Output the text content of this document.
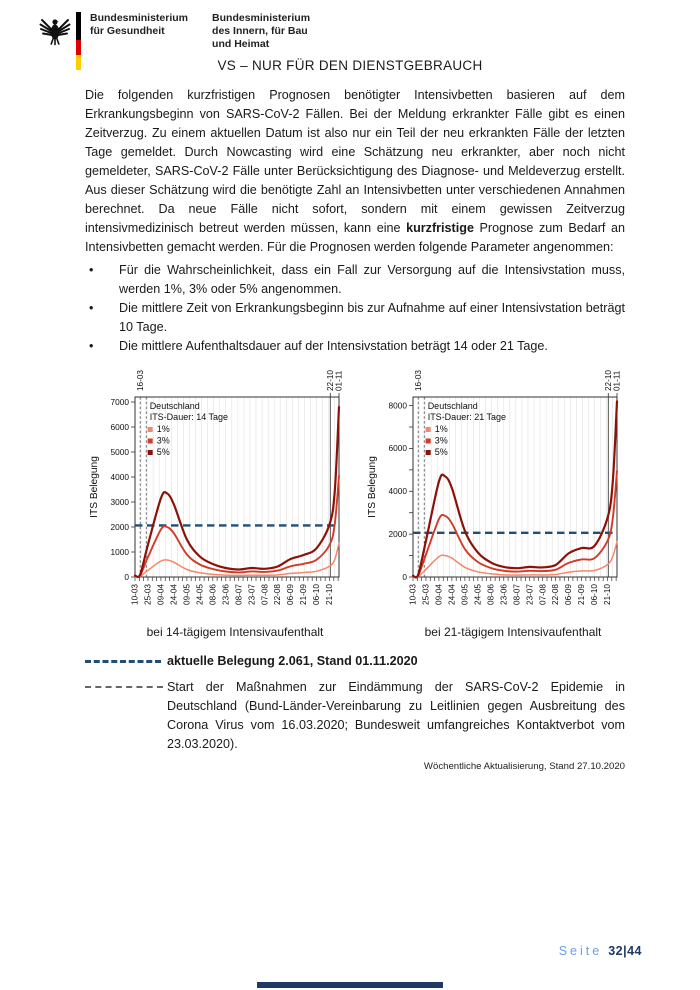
Bundesministerium
für Gesundheit
Bundesministerium
des Innern, für Bau
und Heimat
VS – NUR FÜR DEN DIENSTGEBRAUCH

Die folgenden kurzfristigen Prognosen benötigter Intensivbetten basieren auf dem Erkrankungsbeginn von SARS-CoV-2 Fällen. Bei der Meldung erkrankter Fälle gibt es einen Zeitverzug. Zu einem aktuellen Datum ist also nur ein Teil der neu erkrankten Fälle der letzten Tage gemeldet. Durch Nowcasting wird eine Schätzung neu erkrankter, aber noch nicht gemeldeter, SARS-CoV-2 Fälle unter Berücksichtigung des Diagnose- und Meldeverzug erstellt. Aus dieser Schätzung wird die benötigte Zahl an Intensivbetten unter verschiedenen Annahmen berechnet. Da neue Fälle nicht sofort, sondern mit einem gewissen Zeitverzug intensivmedizinisch betreut werden müssen, kann eine kurzfristige Prognose zum Bedarf an Intensivbetten gemacht werden. Für die Prognosen werden folgende Parameter angenommen:

•	Für die Wahrscheinlichkeit, dass ein Fall zur Versorgung auf die Intensivstation muss, werden 1%, 3% oder 5% angenommen.
•	Die mittlere Zeit von Erkrankungsbeginn bis zur Aufnahme auf einer Intensivstation beträgt 10 Tage.
•	Die mittlere Aufenthaltsdauer auf der Intensivstation beträgt 14 oder 21 Tage.
0
1000
2000
3000
4000
5000
6000
7000
10-03 25-03 09-04 24-04 09-05 24-05 08-06 23-06 08-07 23-07 07-08 22-08 06-09 21-09 06-10 21-10
16-03	22-10 01-11
Deutschland
ITS-Dauer: 14 Tage
1%
3%
5%
ITS Belegung
bei 14-tägigem Intensivaufenthalt
0
2000
4000
6000
8000
10-03 25-03 09-04 24-04 09-05 24-05 08-06 23-06 08-07 23-07 07-08 22-08 06-09 21-09 06-10 21-10
16-03	22-10 01-11
Deutschland
ITS-Dauer: 21 Tage
1%
3%
5%
ITS Belegung
bei 21-tägigem Intensivaufenthalt
aktuelle Belegung 2.061, Stand 01.11.2020
Start der Maßnahmen zur Eindämmung der SARS-CoV-2 Epidemie in Deutschland (Bund-Länder-Vereinbarung zu Leitlinien gegen Ausbreitung des Corona Virus vom 16.03.2020; Bundesweit umfangreiches Kontaktverbot vom 23.03.2020).
Wöchentliche Aktualisierung, Stand 27.10.2020
Seite 32|44
